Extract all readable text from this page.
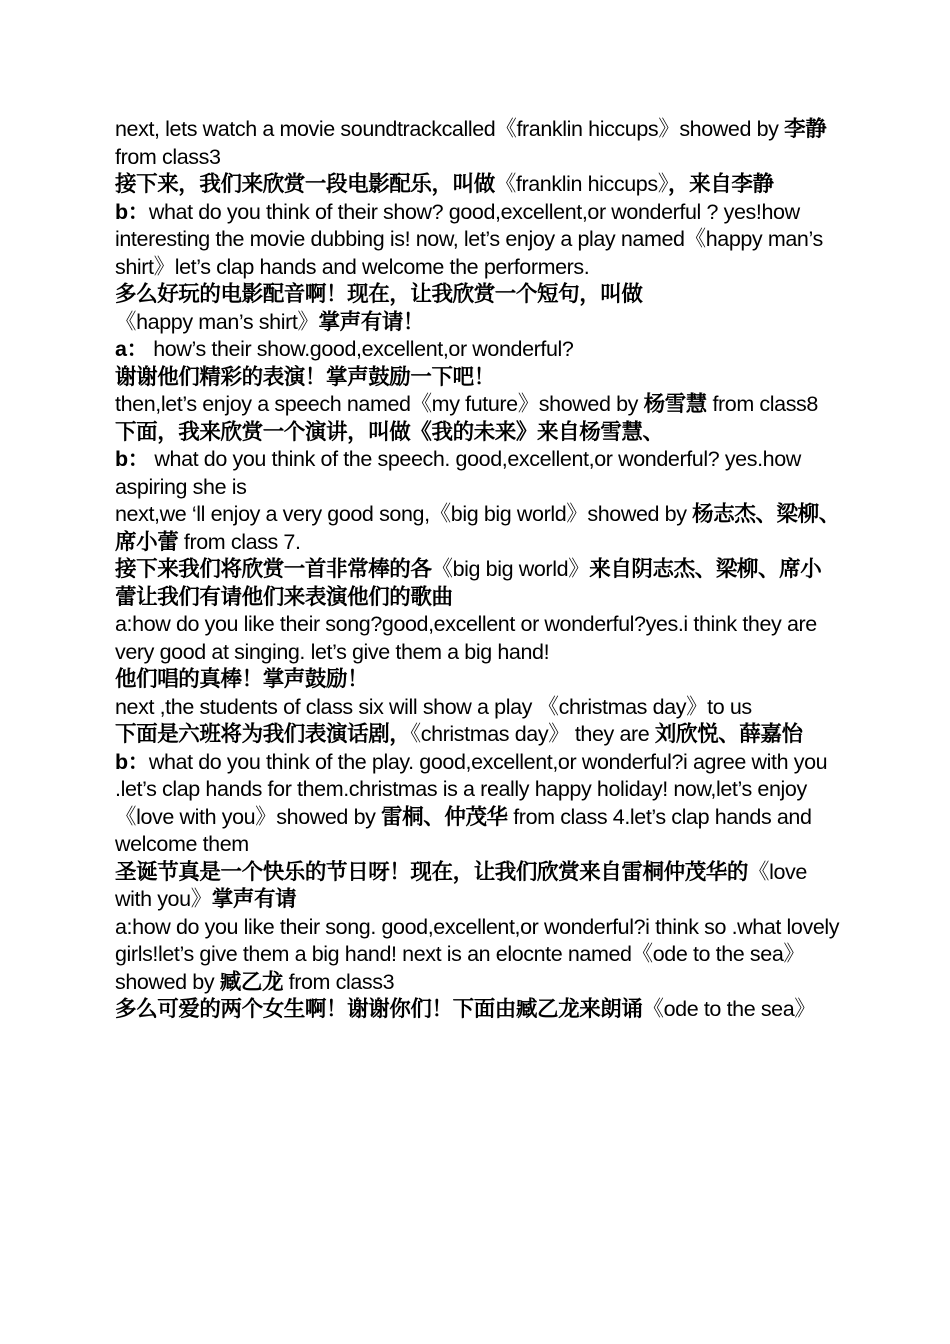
next, lets watch a movie soundtrackcalled《franklin hiccups》showed by 李静 from class3

接下来，我们来欣赏一段电影配乐，叫做《franklin hiccups》，来自李静

b：what do you think of their show? good,excellent,or wonderful ? yes!how interesting the movie dubbing is! now, let’s enjoy a play named《happy man’s shirt》let’s clap hands and welcome the performers.

多么好玩的电影配音啊！现在，让我欣赏一个短句，叫做《happy man’s shirt》掌声有请！

a： how’s their show.good,excellent,or wonderful?

谢谢他们精彩的表演！掌声鼓励一下吧！

then,let’s enjoy a speech named《my future》showed by 杨雪慧 from class8 下面，我来欣赏一个演讲，叫做《我的未来》来自杨雪慧、

b： what do you think of the speech. good,excellent,or wonderful? yes.how aspiring she is

next,we ‘ll enjoy a very good song,《big big world》showed by 杨志杰、梁柳、席小蕾 from class 7.

接下来我们将欣赏一首非常棒的各《big big world》来自阴志杰、梁柳、席小蕾让我们有请他们来表演他们的歌曲

a:how do you like their song?good,excellent or wonderful?yes.i think they are very good at singing. let’s give them a big hand!

他们唱的真棒！掌声鼓励！

next ,the students of class six will show a play 《christmas day》to us

下面是六班将为我们表演话剧，《christmas day》 they are 刘欣悦、薛嘉怡

b：what do you think of the play. good,excellent,or wonderful?i agree with you .let’s clap hands for them.christmas is a really happy holiday! now,let’s enjoy《love with you》showed by 雷桐、仲茂华 from class 4.let’s clap hands and welcome them

圣诞节真是一个快乐的节日呀！现在，让我们欣赏来自雷桐仲茂华的《love with you》掌声有请

a:how do you like their song. good,excellent,or wonderful?i think so .what lovely girls!let’s give them a big hand! next is an elocnte named《ode to the sea》showed by 臧乙龙 from class3

多么可爱的两个女生啊！谢谢你们！下面由臧乙龙来朗诵《ode to the sea》
